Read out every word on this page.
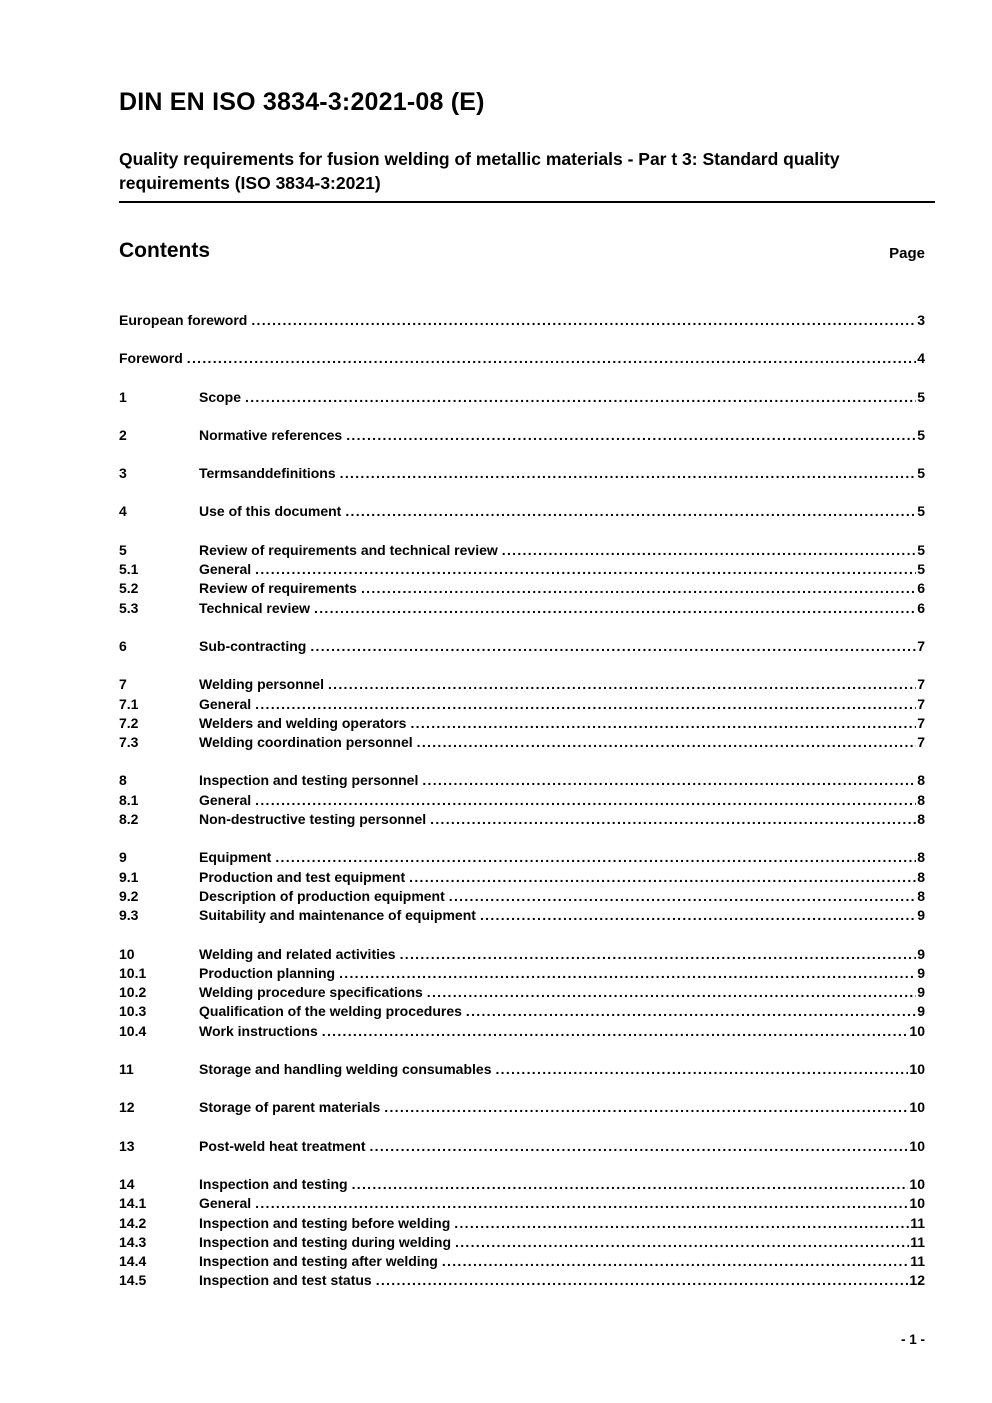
DIN EN ISO 3834-3:2021-08 (E)

Quality requirements for fusion welding of metallic materials - Par t 3: Standard quality requirements (ISO 3834-3:2021)

Contents	Page
European foreword .....	3
Foreword .....	4
1	Scope .....	5
2	Normative references .....	5
3	Termsanddefinitions .....	5
4	Use of this document .....	5
5	Review of requirements and technical review .....	5
5.1	General .....	5
5.2	Review of requirements .....	6
5.3	Technical review .....	6
6	Sub-contracting .....	7
7	Welding personnel .....	7
7.1	General .....	7
7.2	Welders and welding operators .....	7
7.3	Welding coordination personnel .....	7
8	Inspection and testing personnel .....	8
8.1	General .....	8
8.2	Non-destructive testing personnel .....	8
9	Equipment .....	8
9.1	Production and test equipment .....	8
9.2	Description of production equipment .....	8
9.3	Suitability and maintenance of equipment .....	9
10	Welding and related activities .....	9
10.1	Production planning .....	9
10.2	Welding procedure specifications .....	9
10.3	Qualification of the welding procedures .....	9
10.4	Work instructions .....	10
11	Storage and handling welding consumables .....	10
12	Storage of parent materials .....	10
13	Post-weld heat treatment .....	10
14	Inspection and testing .....	10
14.1	General .....	10
14.2	Inspection and testing before welding .....	11
14.3	Inspection and testing during welding .....	11
14.4	Inspection and testing after welding .....	11
14.5	Inspection and test status .....	12
- 1 -
